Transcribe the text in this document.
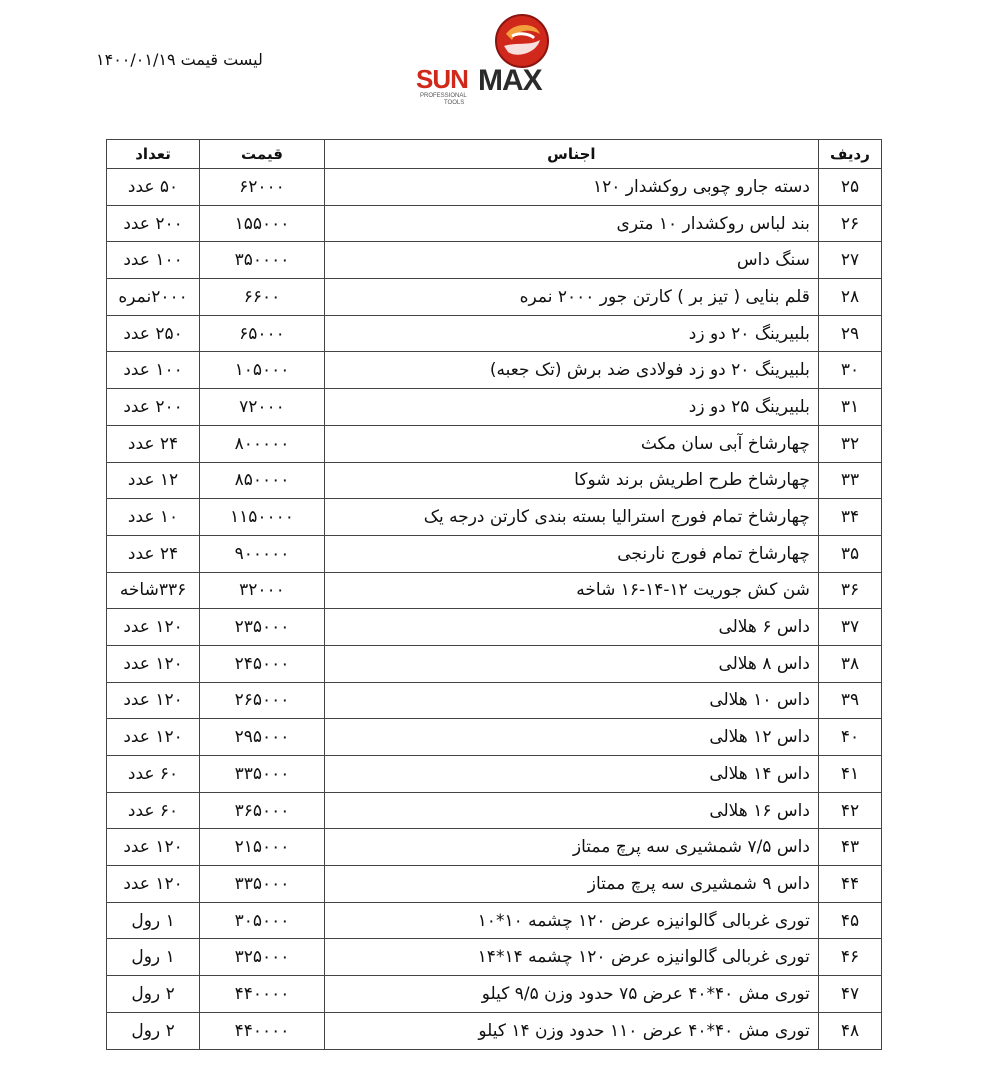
لیست قیمت ۱۴۰۰/۰۱/۱۹
SUN MAX
PROFESSIONAL
TOOLS
ردیف	اجناس	قیمت	تعداد
۲۵	دسته جارو چوبی روکشدار ۱۲۰	۶۲۰۰۰	۵۰ عدد
۲۶	بند لباس روکشدار ۱۰ متری	۱۵۵۰۰۰	۲۰۰ عدد
۲۷	سنگ داس	۳۵۰۰۰۰	۱۰۰ عدد
۲۸	قلم بنایی ( تیز بر ) کارتن جور ۲۰۰۰ نمره	۶۶۰۰	۲۰۰۰نمره
۲۹	بلبیرینگ ۲۰ دو زد	۶۵۰۰۰	۲۵۰ عدد
۳۰	بلبیرینگ ۲۰ دو زد فولادی ضد برش (تک جعبه)	۱۰۵۰۰۰	۱۰۰ عدد
۳۱	بلبیرینگ ۲۵ دو زد	۷۲۰۰۰	۲۰۰ عدد
۳۲	چهارشاخ آبی سان مکث	۸۰۰۰۰۰	۲۴ عدد
۳۳	چهارشاخ طرح اطریش برند شوکا	۸۵۰۰۰۰	۱۲ عدد
۳۴	چهارشاخ تمام فورج استرالیا بسته بندی کارتن درجه یک	۱۱۵۰۰۰۰	۱۰ عدد
۳۵	چهارشاخ تمام فورج نارنجی	۹۰۰۰۰۰	۲۴ عدد
۳۶	شن کش جوریت ۱۲-۱۴-۱۶ شاخه	۳۲۰۰۰	۳۳۶شاخه
۳۷	داس ۶ هلالی	۲۳۵۰۰۰	۱۲۰ عدد
۳۸	داس ۸ هلالی	۲۴۵۰۰۰	۱۲۰ عدد
۳۹	داس ۱۰ هلالی	۲۶۵۰۰۰	۱۲۰ عدد
۴۰	داس ۱۲ هلالی	۲۹۵۰۰۰	۱۲۰ عدد
۴۱	داس ۱۴ هلالی	۳۳۵۰۰۰	۶۰ عدد
۴۲	داس ۱۶ هلالی	۳۶۵۰۰۰	۶۰ عدد
۴۳	داس ۷/۵ شمشیری سه پرچ ممتاز	۲۱۵۰۰۰	۱۲۰ عدد
۴۴	داس ۹ شمشیری سه پرچ ممتاز	۳۳۵۰۰۰	۱۲۰ عدد
۴۵	توری غربالی گالوانیزه عرض ۱۲۰ چشمه ۱۰*۱۰	۳۰۵۰۰۰	۱ رول
۴۶	توری غربالی گالوانیزه عرض ۱۲۰ چشمه ۱۴*۱۴	۳۲۵۰۰۰	۱ رول
۴۷	توری مش ۴۰*۴۰ عرض ۷۵ حدود وزن ۹/۵ کیلو	۴۴۰۰۰۰	۲ رول
۴۸	توری مش ۴۰*۴۰ عرض ۱۱۰ حدود وزن ۱۴ کیلو	۴۴۰۰۰۰	۲ رول
